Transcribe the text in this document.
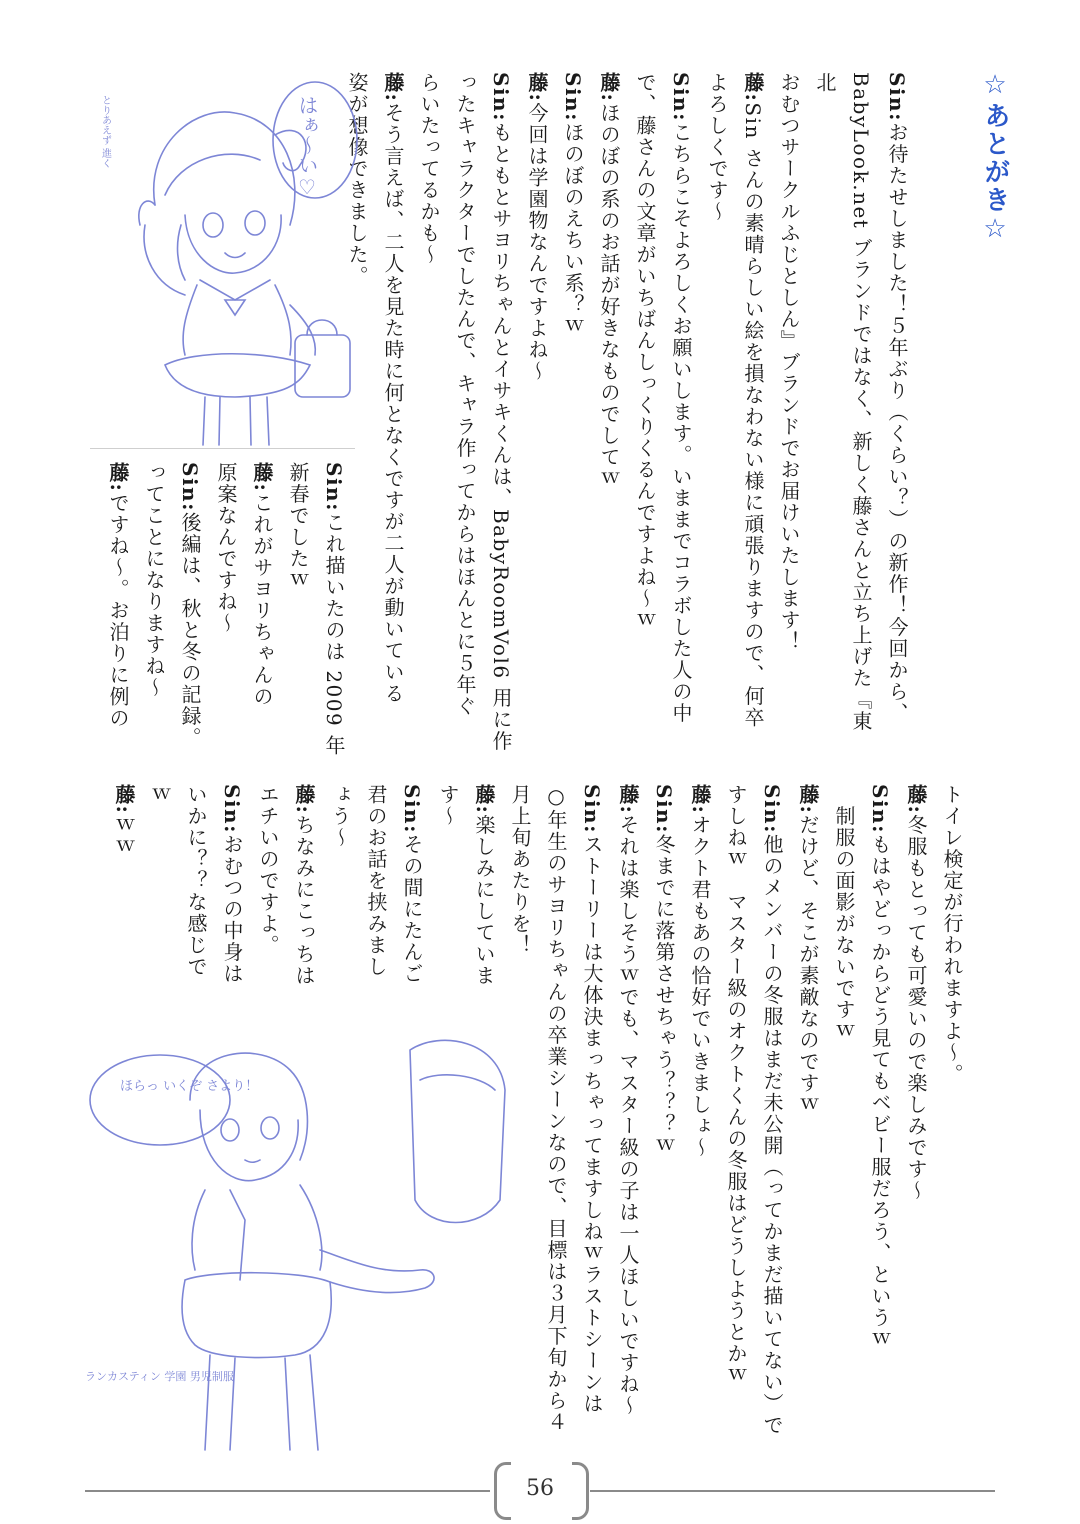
☆あとがき☆
Sin:お待たせしました！５年ぶり（くらい？）の新作！今回から、
BabyLook.net ブランドではなく、新しく藤さんと立ち上げた『東北
おむつサークルふじとしん』ブランドでお届けいたします！
藤:Sin さんの素晴らしい絵を損なわない様に頑張りますので、何卒
よろしくです～
Sin:こちらこそよろしくお願いします。いままでコラボした人の中
で、藤さんの文章がいちばんしっくりくるんですよね～ｗ
藤:ほのぼの系のお話が好きなものでしてｗ
Sin:ほのぼのえちい系？ｗ
藤:今回は学園物なんですよね～
Sin:もともとサヨリちゃんとイサキくんは、BabyRoomVol6 用に作
ったキャラクターでしたんで、キャラ作ってからはほんとに５年ぐ
らいたってるかも～
藤:そう言えば、二人を見た時に何となくですが二人が動いている
姿が想像できました。
Sin:これ描いたのは 2009 年
新春でしたｗ
藤:これがサヨリちゃんの
原案なんですね～
Sin:後編は、秋と冬の記録。
ってことになりますね～
藤:ですね～。お泊りに例の
トイレ検定が行われますよ～。
藤:冬服もとっても可愛いので楽しみです～
Sin:もはやどっからどう見てもベビー服だろう、というｗ
　制服の面影がないですｗ
藤:だけど、そこが素敵なのですｗ
Sin:他のメンバーの冬服はまだ未公開（ってかまだ描いてない）で
すしねｗ　マスター級のオクトくんの冬服はどうしようとかｗ
藤:オクト君もあの恰好でいきましょ～
Sin:冬までに落第させちゃう？？？ｗ
藤:それは楽しそうｗでも、マスター級の子は一人ほしいですね～
Sin:ストーリーは大体決まっちゃってますしねｗラストシーンは
○年生のサヨリちゃんの卒業シーンなので、目標は３月下旬から４
月上旬あたりを！
藤:楽しみにしていま
す～
Sin:その間にたんご
君のお話を挟みまし
ょう～
藤:ちなみにこっちは
エチいのですよ。
Sin:おむつの中身は
いかに？？な感じで
ｗ
藤:ｗｗ
はぁ～い♡
とりあえず 進く
ほらっ いくぞ さより！
ランカスティン 学園 男児制服
56
